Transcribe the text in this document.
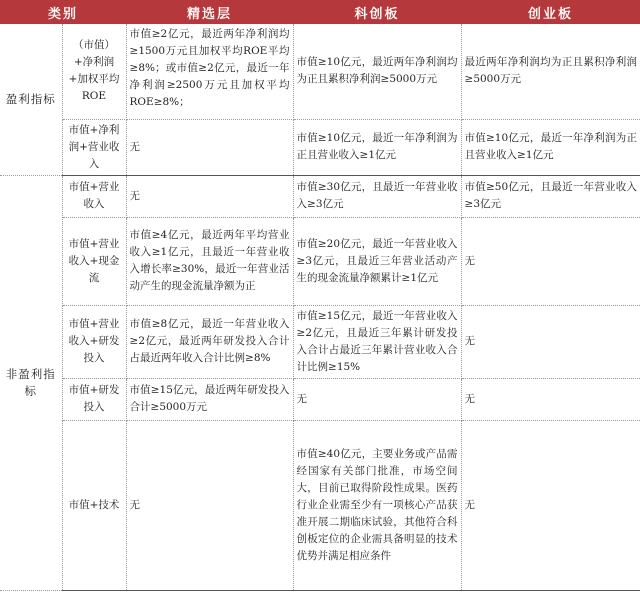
类别		精选层	科创板	创业板
盈利指标	（市值）+净利润+加权平均ROE	市值≥2亿元，最近两年净利润均≥1500万元且加权平均ROE平均≥8%；或市值≥2亿元，最近一年净利润≥2500万元且加权平均ROE≥8%；	市值≥10亿元，最近两年净利润均为正且累积净利润≥5000万元	最近两年净利润均为正且累积净利润≥5000万元
	市值+净利润+营业收入	无	市值≥10亿元，最近一年净利润为正且营业收入≥1亿元	市值≥10亿元，最近一年净利润为正且营业收入≥1亿元
非盈利指标	市值+营业收入	无	市值≥30亿元，且最近一年营业收入≥3亿元	市值≥50亿元，且最近一年营业收入≥3亿元
	市值+营业收入+现金流	市值≥4亿元，最近两年平均营业收入≥1亿元，且最近一年营业收入增长率≥30%，最近一年营业活动产生的现金流量净额为正	市值≥20亿元，最近一年营业收入≥3亿元，且最近三年营业活动产生的现金流量净额累计≥1亿元	无
	市值+营业收入+研发投入	市值≥8亿元，最近一年营业收入≥2亿元，最近两年研发投入合计占最近两年收入合计比例≥8%	市值≥15亿元，最近一年营业收入≥2亿元，且最近三年累计研发投入合计占最近三年累计营业收入合计比例≥15%	无
	市值+研发投入	市值≥15亿元，最近两年研发投入合计≥5000万元	无	无
	市值+技术	无	市值≥40亿元，主要业务或产品需经国家有关部门批准，市场空间大，目前已取得阶段性成果。医药行业企业需至少有一项核心产品获准开展二期临床试验，其他符合科创板定位的企业需具备明显的技术优势并满足相应条件	无
